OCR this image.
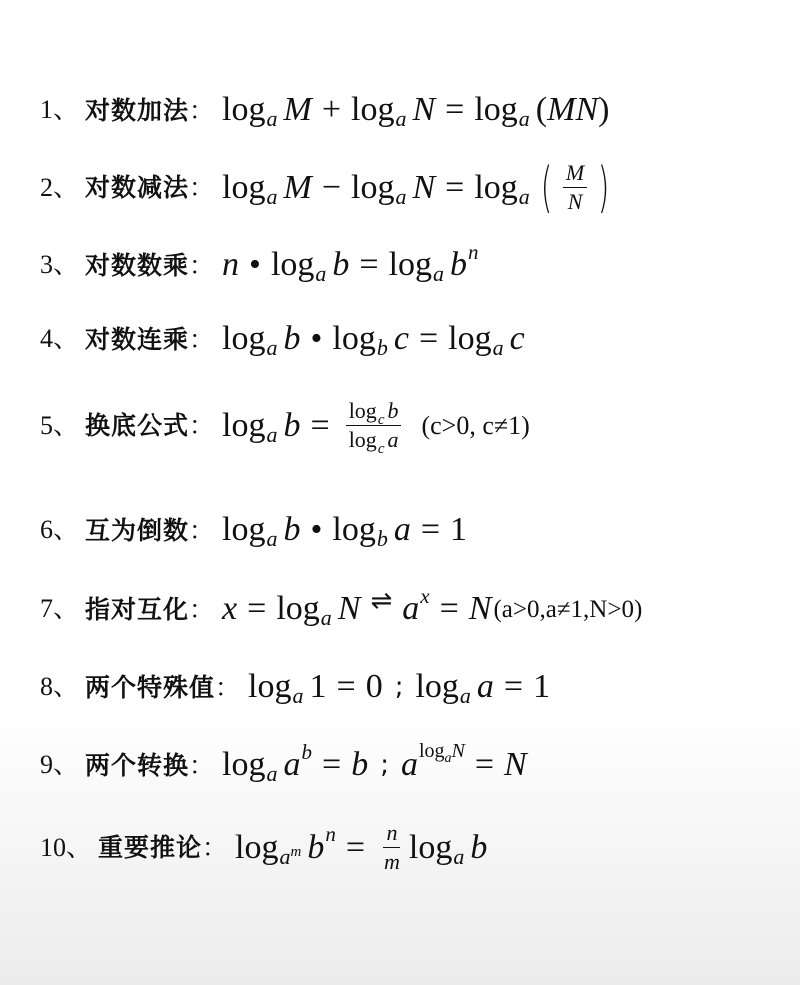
1 、 对数加法 ： log a M + log a N = log a ( MN )
2 、 对数减法 ： log a M − log a N = log a ( $\frac{M}{N}$ )
3 、 对数数乘 ： n • log a b = log a b n
4 、 对数连乘 ： log a b • log b c = log a c
5 、 换底公式 ： log a $b = \frac{\text{log c b}}{\text{log c a}} (c>0$, c≠1)
6 、 互为倒数 ： log a b • log b a = 1
7 、 指对互化 ： x = log a N ⇌ a x = N (a>0,a≠1,N>0)
8 、 两个特殊值 ： log a 1 = 0 ; log a a = 1
9 、 两个转换 ： log a a b = b ; a log a N = N
10 、 重要推论 ： $\log a^m$ b $n = \frac{n}{m}$ log a b
